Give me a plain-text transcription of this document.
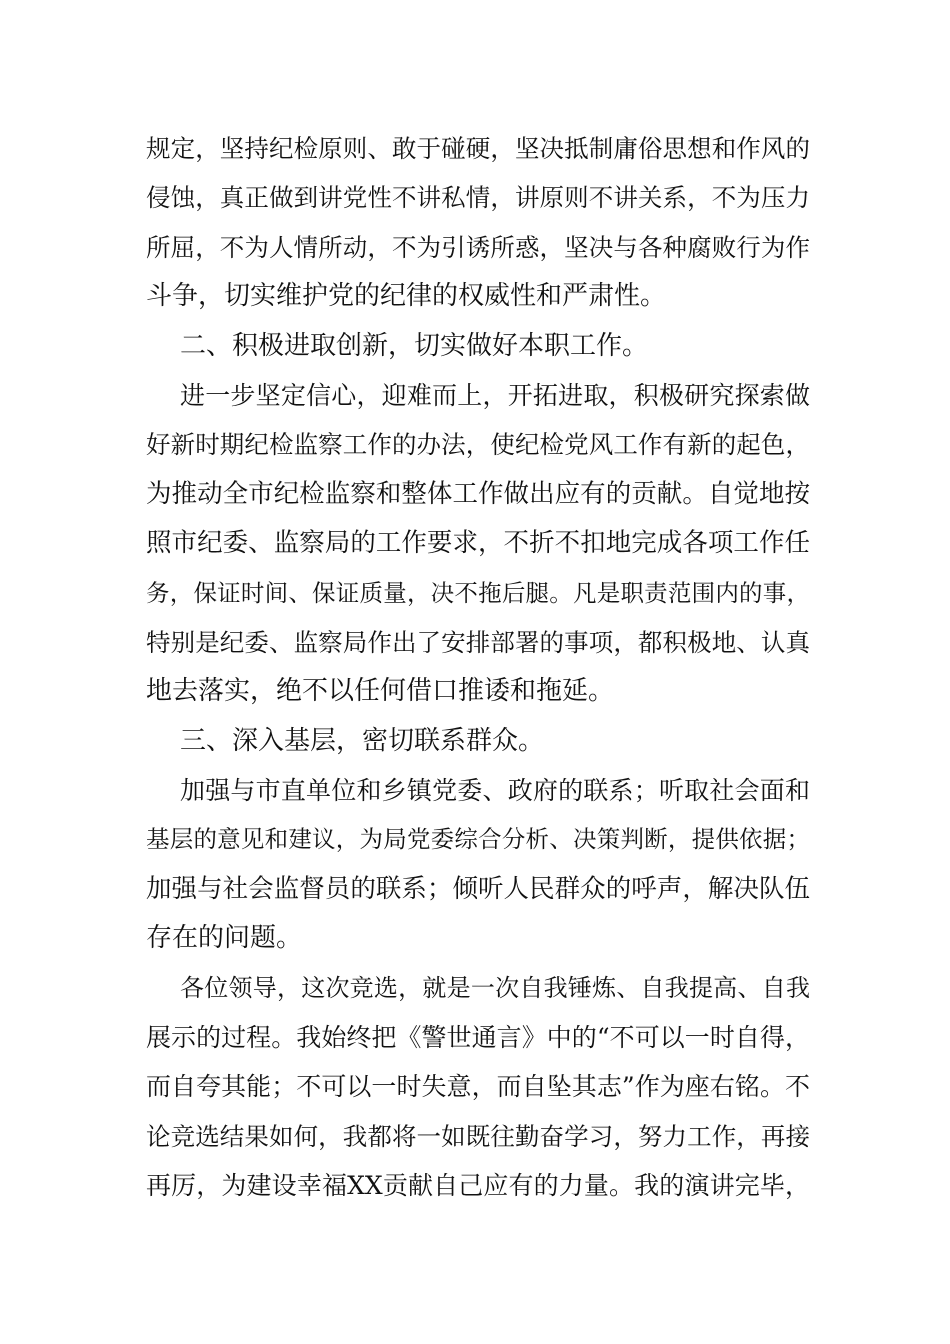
规定，坚持纪检原则、敢于碰硬，坚决抵制庸俗思想和作风的
侵蚀，真正做到讲党性不讲私情，讲原则不讲关系，不为压力
所屈，不为人情所动，不为引诱所惑，坚决与各种腐败行为作
斗争，切实维护党的纪律的权威性和严肃性。
二、积极进取创新，切实做好本职工作。
进一步坚定信心，迎难而上，开拓进取，积极研究探索做
好新时期纪检监察工作的办法，使纪检党风工作有新的起色，
为推动全市纪检监察和整体工作做出应有的贡献。自觉地按
照市纪委、监察局的工作要求，不折不扣地完成各项工作任
务，保证时间、保证质量，决不拖后腿。凡是职责范围内的事，
特别是纪委、监察局作出了安排部署的事项，都积极地、认真
地去落实，绝不以任何借口推诿和拖延。
三、深入基层，密切联系群众。
加强与市直单位和乡镇党委、政府的联系；听取社会面和
基层的意见和建议，为局党委综合分析、决策判断，提供依据；
加强与社会监督员的联系；倾听人民群众的呼声，解决队伍
存在的问题。
各位领导，这次竞选，就是一次自我锤炼、自我提高、自我
展示的过程。我始终把《警世通言》中的“不可以一时自得，
而自夸其能；不可以一时失意，而自坠其志”作为座右铭。不
论竞选结果如何，我都将一如既往勤奋学习，努力工作，再接
再厉，为建设幸福XX贡献自己应有的力量。我的演讲完毕，
